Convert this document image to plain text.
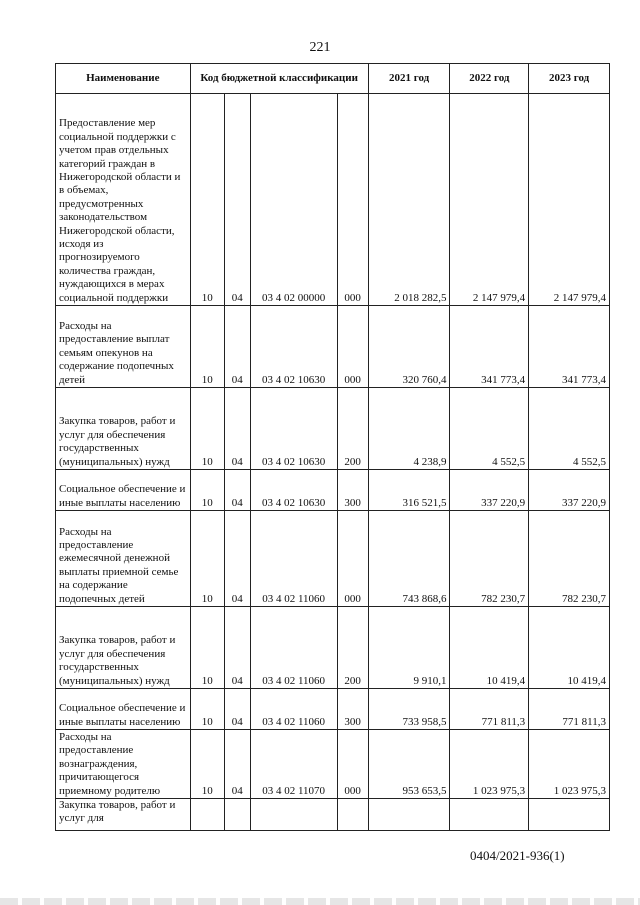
221
Наименование	Код бюджетной классификации				2021 год	2022 год	2023 год
Предоставление мер социальной поддержки с учетом прав отдельных категорий граждан в Нижегородской области и в объемах, предусмотренных законодательством Нижегородской области, исходя из прогнозируемого количества граждан, нуждающихся в мерах социальной поддержки	10	04	03 4 02 00000	000	2 018 282,5	2 147 979,4	2 147 979,4
Расходы на предоставление выплат семьям опекунов на содержание подопечных детей	10	04	03 4 02 10630	000	320 760,4	341 773,4	341 773,4
Закупка товаров, работ и услуг для обеспечения государственных (муниципальных) нужд	10	04	03 4 02 10630	200	4 238,9	4 552,5	4 552,5
Социальное обеспечение и иные выплаты населению	10	04	03 4 02 10630	300	316 521,5	337 220,9	337 220,9
Расходы на предоставление ежемесячной денежной выплаты приемной семье на содержание подопечных детей	10	04	03 4 02 11060	000	743 868,6	782 230,7	782 230,7
Закупка товаров, работ и услуг для обеспечения государственных (муниципальных) нужд	10	04	03 4 02 11060	200	9 910,1	10 419,4	10 419,4
Социальное обеспечение и иные выплаты населению	10	04	03 4 02 11060	300	733 958,5	771 811,3	771 811,3
Расходы на предоставление вознаграждения, причитающегося приемному родителю	10	04	03 4 02 11070	000	953 653,5	1 023 975,3	1 023 975,3
Закупка товаров, работ и услуг для							
0404/2021-936(1)
